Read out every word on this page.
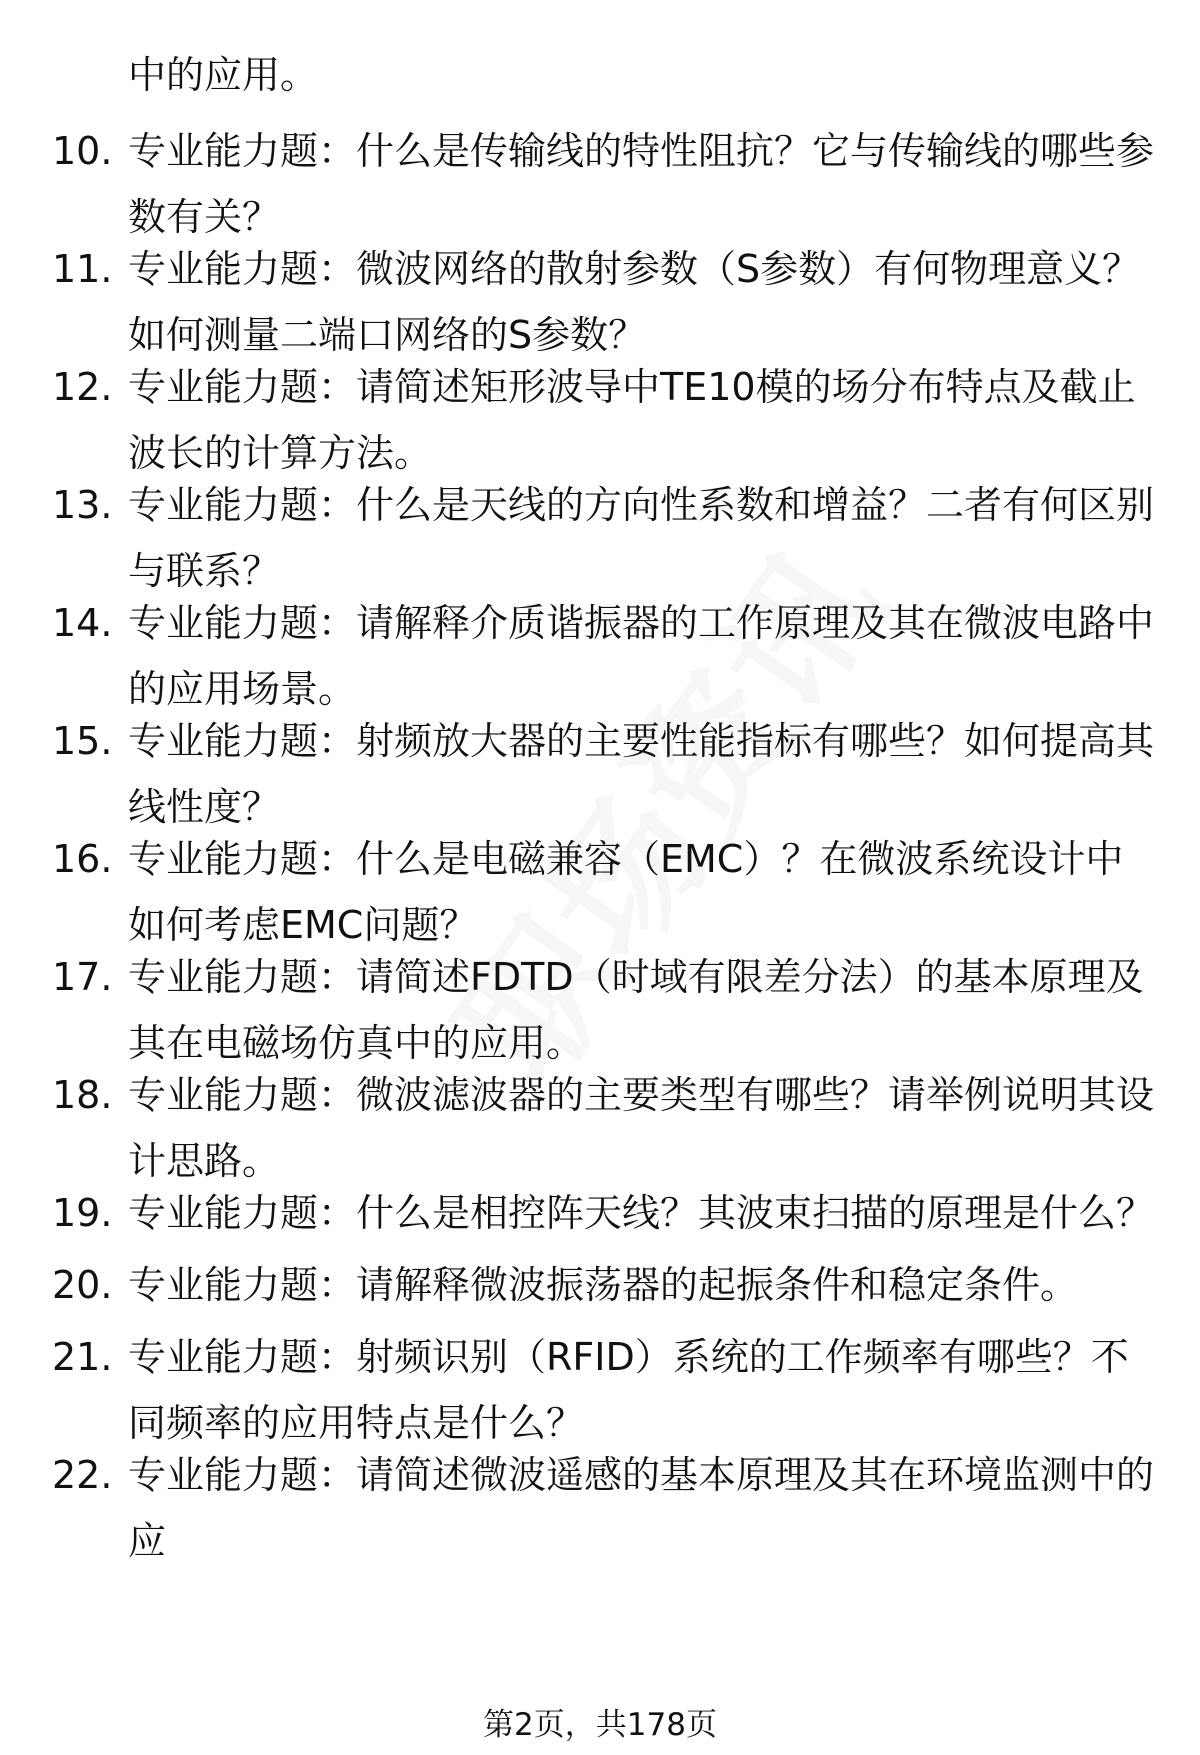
中的应用。
10. 专业能力题：什么是传输线的特性阻抗？它与传输线的哪些参数有关？
11. 专业能力题：微波网络的散射参数（S参数）有何物理意义？如何测量二端口网络的S参数？
12. 专业能力题：请简述矩形波导中TE10模的场分布特点及截止波长的计算方法。
13. 专业能力题：什么是天线的方向性系数和增益？二者有何区别与联系？
14. 专业能力题：请解释介质谐振器的工作原理及其在微波电路中的应用场景。
15. 专业能力题：射频放大器的主要性能指标有哪些？如何提高其线性度？
16. 专业能力题：什么是电磁兼容（EMC）？在微波系统设计中如何考虑EMC问题？
17. 专业能力题：请简述FDTD（时域有限差分法）的基本原理及其在电磁场仿真中的应用。
18. 专业能力题：微波滤波器的主要类型有哪些？请举例说明其设计思路。
19. 专业能力题：什么是相控阵天线？其波束扫描的原理是什么？
20. 专业能力题：请解释微波振荡器的起振条件和稳定条件。
21. 专业能力题：射频识别（RFID）系统的工作频率有哪些？不同频率的应用特点是什么？
22. 专业能力题：请简述微波遥感的基本原理及其在环境监测中的应
第2页，共178页
